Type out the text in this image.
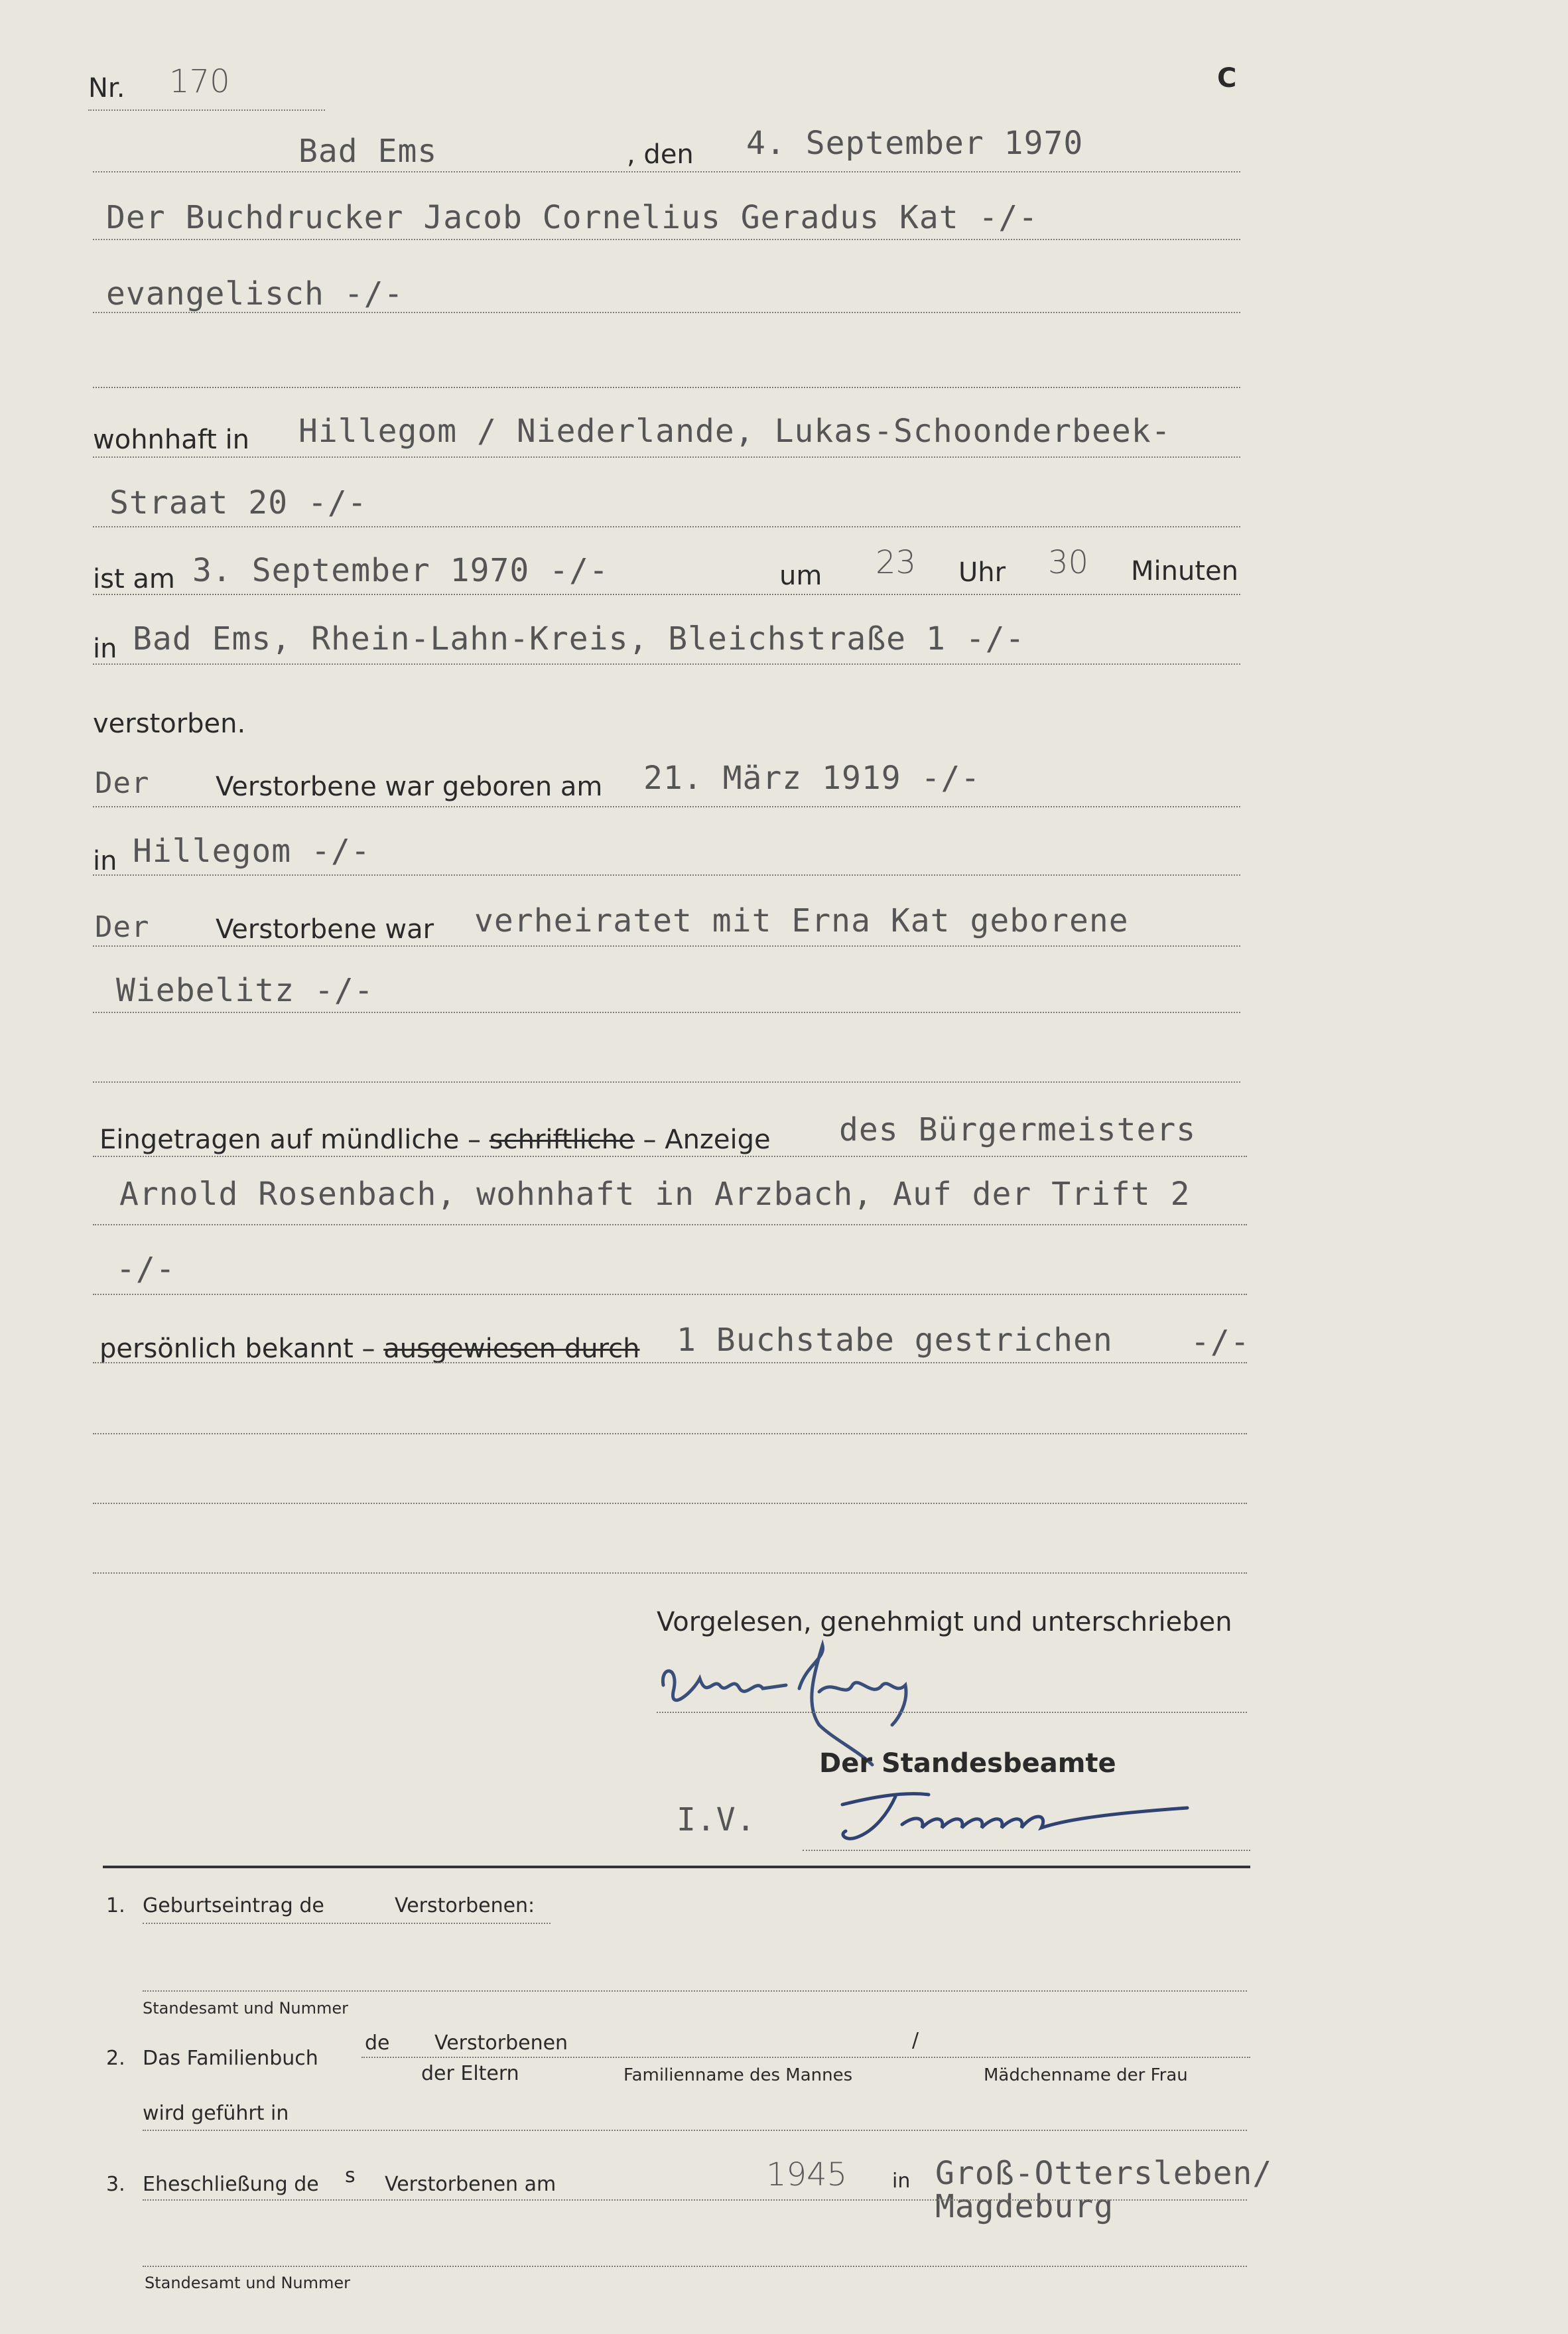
Nr. 170	C
Bad Ems	, den 4. September 1970
Der Buchdrucker Jacob Cornelius Geradus Kat -/-
evangelisch -/-
wohnhaft in Hillegom / Niederlande, Lukas-Schoonderbeek-
Straat 20 -/-
ist am 3. September 1970 -/-	um 23 Uhr 30 Minuten
in Bad Ems, Rhein-Lahn-Kreis, Bleichstraße 1 -/-
verstorben.
Der Verstorbene war geboren am 21. März 1919 -/-
in Hillegom -/-
Der Verstorbene war verheiratet mit Erna Kat geborene
Wiebelitz -/-
Eingetragen auf mündliche – schriftliche – Anzeige des Bürgermeisters
Arnold Rosenbach, wohnhaft in Arzbach, Auf der Trift 2
-/-
persönlich bekannt – ausgewiesen durch 1 Buchstabe gestrichen -/-
Vorgelesen, genehmigt und unterschrieben
Der Standesbeamte
I.V.
1. Geburtseintrag de	Verstorbenen:
Standesamt und Nummer
2. Das Familienbuch
de Verstorbenen	/
der Eltern	Familienname des Mannes	Mädchenname der Frau
wird geführt in
3. Eheschließung de s Verstorbenen am	1945 in Groß-Ottersleben/
Magdeburg
Standesamt und Nummer
